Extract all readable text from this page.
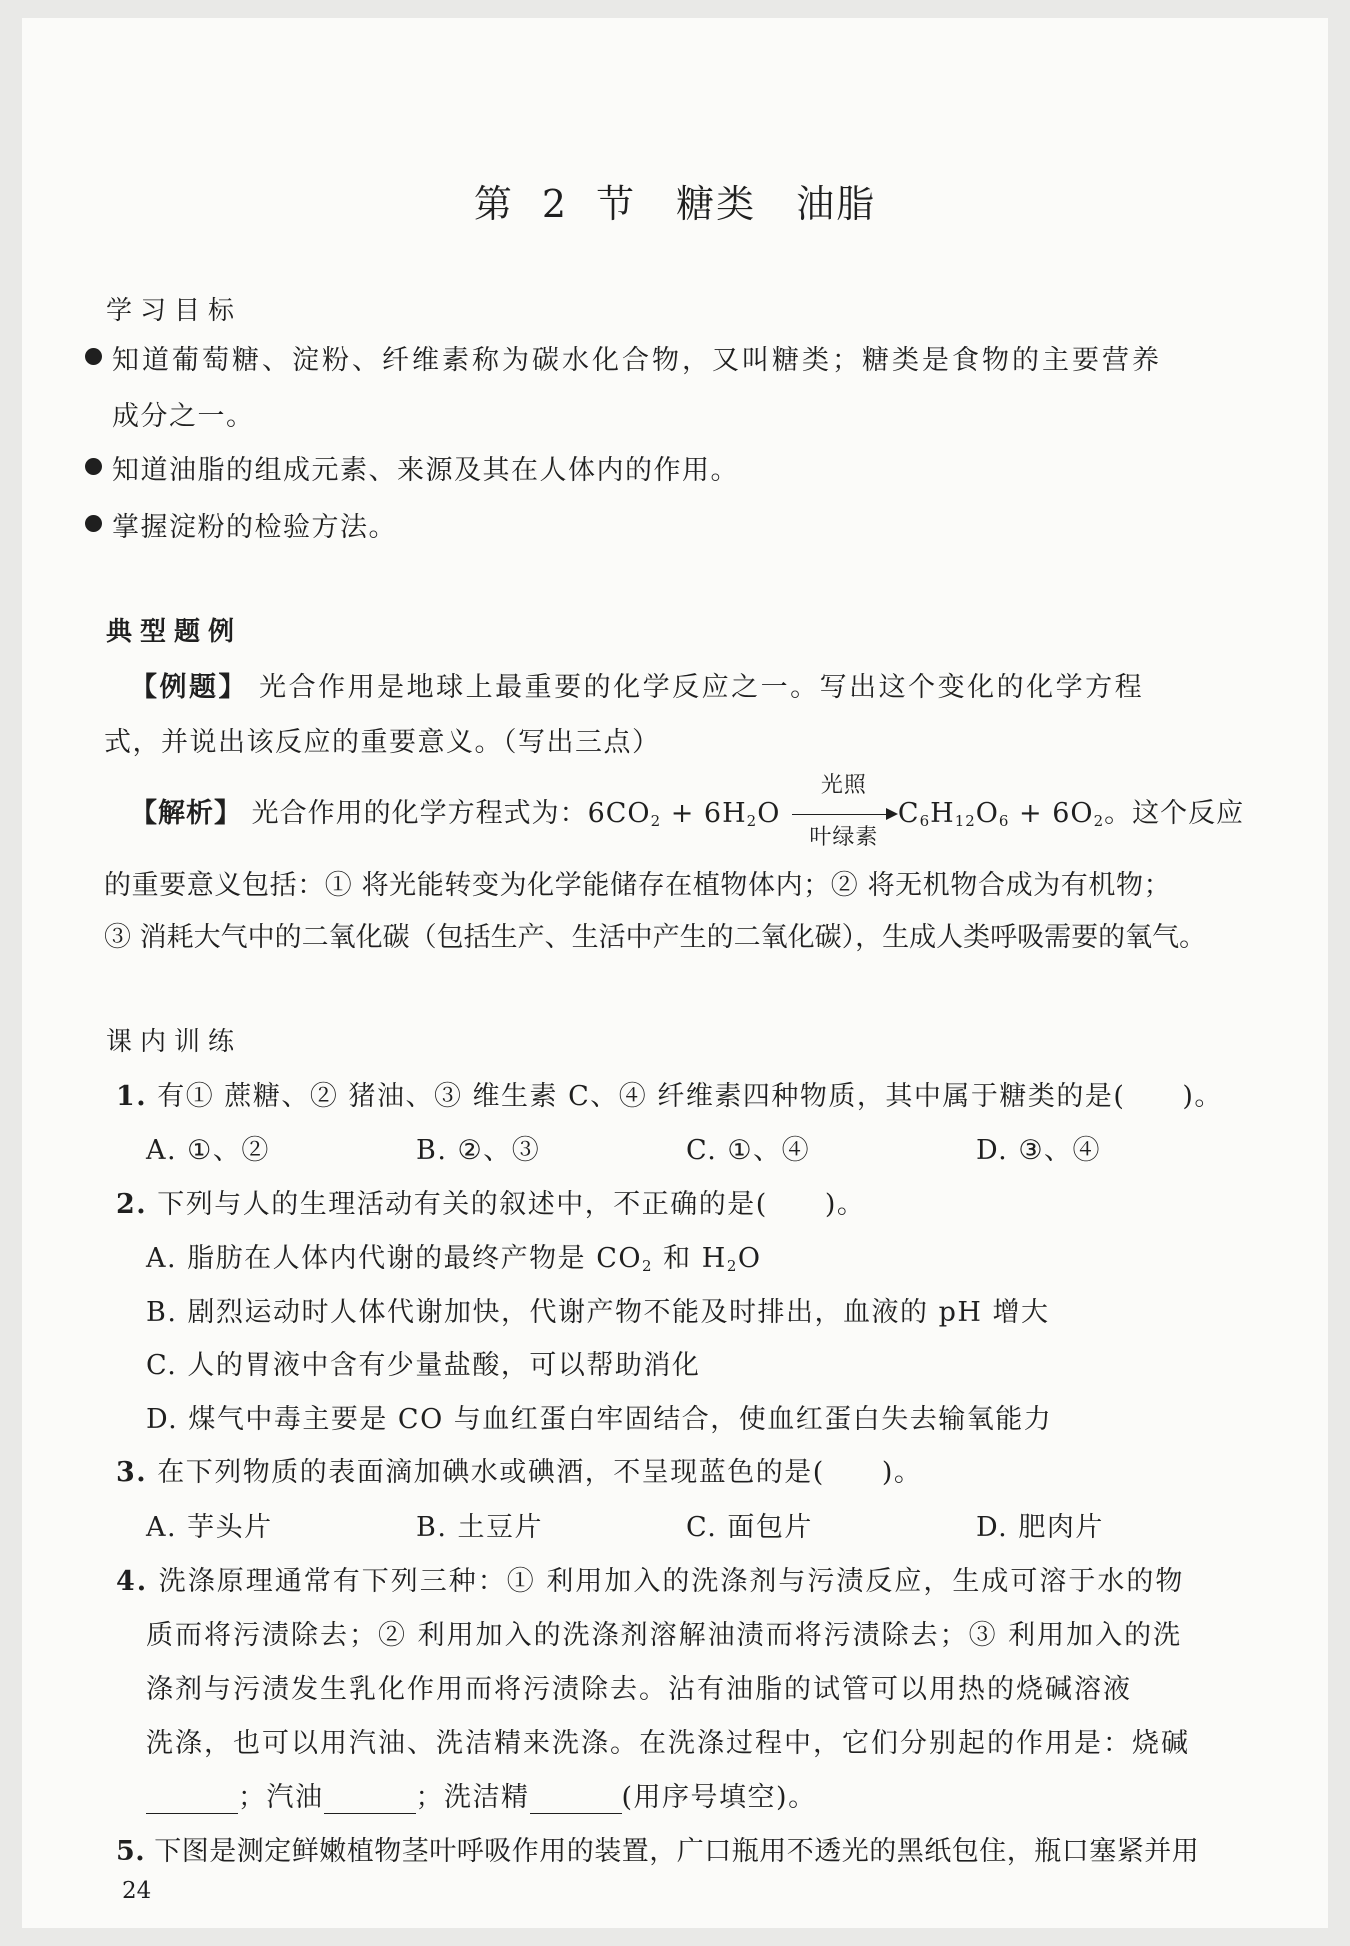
第 2 节　糖类　油脂
学习目标
知道葡萄糖、淀粉、纤维素称为碳水化合物，又叫糖类；糖类是食物的主要营养
成分之一。
知道油脂的组成元素、来源及其在人体内的作用。
掌握淀粉的检验方法。
典型题例
【例题】 光合作用是地球上最重要的化学反应之一。写出这个变化的化学方程
式，并说出该反应的重要意义。（写出三点）
【解析】 光合作用的化学方程式为：$6CO_2 + 6H_2O$
光照
叶绿素
$C_6H_{12}O_6 + 6O_2$。这个反应
的重要意义包括：① 将光能转变为化学能储存在植物体内；② 将无机物合成为有机物；
③ 消耗大气中的二氧化碳（包括生产、生活中产生的二氧化碳），生成人类呼吸需要的氧气。
课内训练
1. 有① 蔗糖、② 猪油、③ 维生素 C、④ 纤维素四种物质，其中属于糖类的是(　　)。
A. ①、②	B. ②、③	C. ①、④	D. ③、④
2. 下列与人的生理活动有关的叙述中，不正确的是(　　)。
A. 脂肪在人体内代谢的最终产物是 $CO_2$ 和 $H_2O$
B. 剧烈运动时人体代谢加快，代谢产物不能及时排出，血液的 pH 增大
C. 人的胃液中含有少量盐酸，可以帮助消化
D. 煤气中毒主要是 CO 与血红蛋白牢固结合，使血红蛋白失去输氧能力
3. 在下列物质的表面滴加碘水或碘酒，不呈现蓝色的是(　　)。
A. 芋头片	B. 土豆片	C. 面包片	D. 肥肉片
4. 洗涤原理通常有下列三种：① 利用加入的洗涤剂与污渍反应，生成可溶于水的物
质而将污渍除去；② 利用加入的洗涤剂溶解油渍而将污渍除去；③ 利用加入的洗
涤剂与污渍发生乳化作用而将污渍除去。沾有油脂的试管可以用热的烧碱溶液
洗涤，也可以用汽油、洗洁精来洗涤。在洗涤过程中，它们分别起的作用是：烧碱
；汽油	；洗洁精	(用序号填空)。
5. 下图是测定鲜嫩植物茎叶呼吸作用的装置，广口瓶用不透光的黑纸包住，瓶口塞紧并用
24
